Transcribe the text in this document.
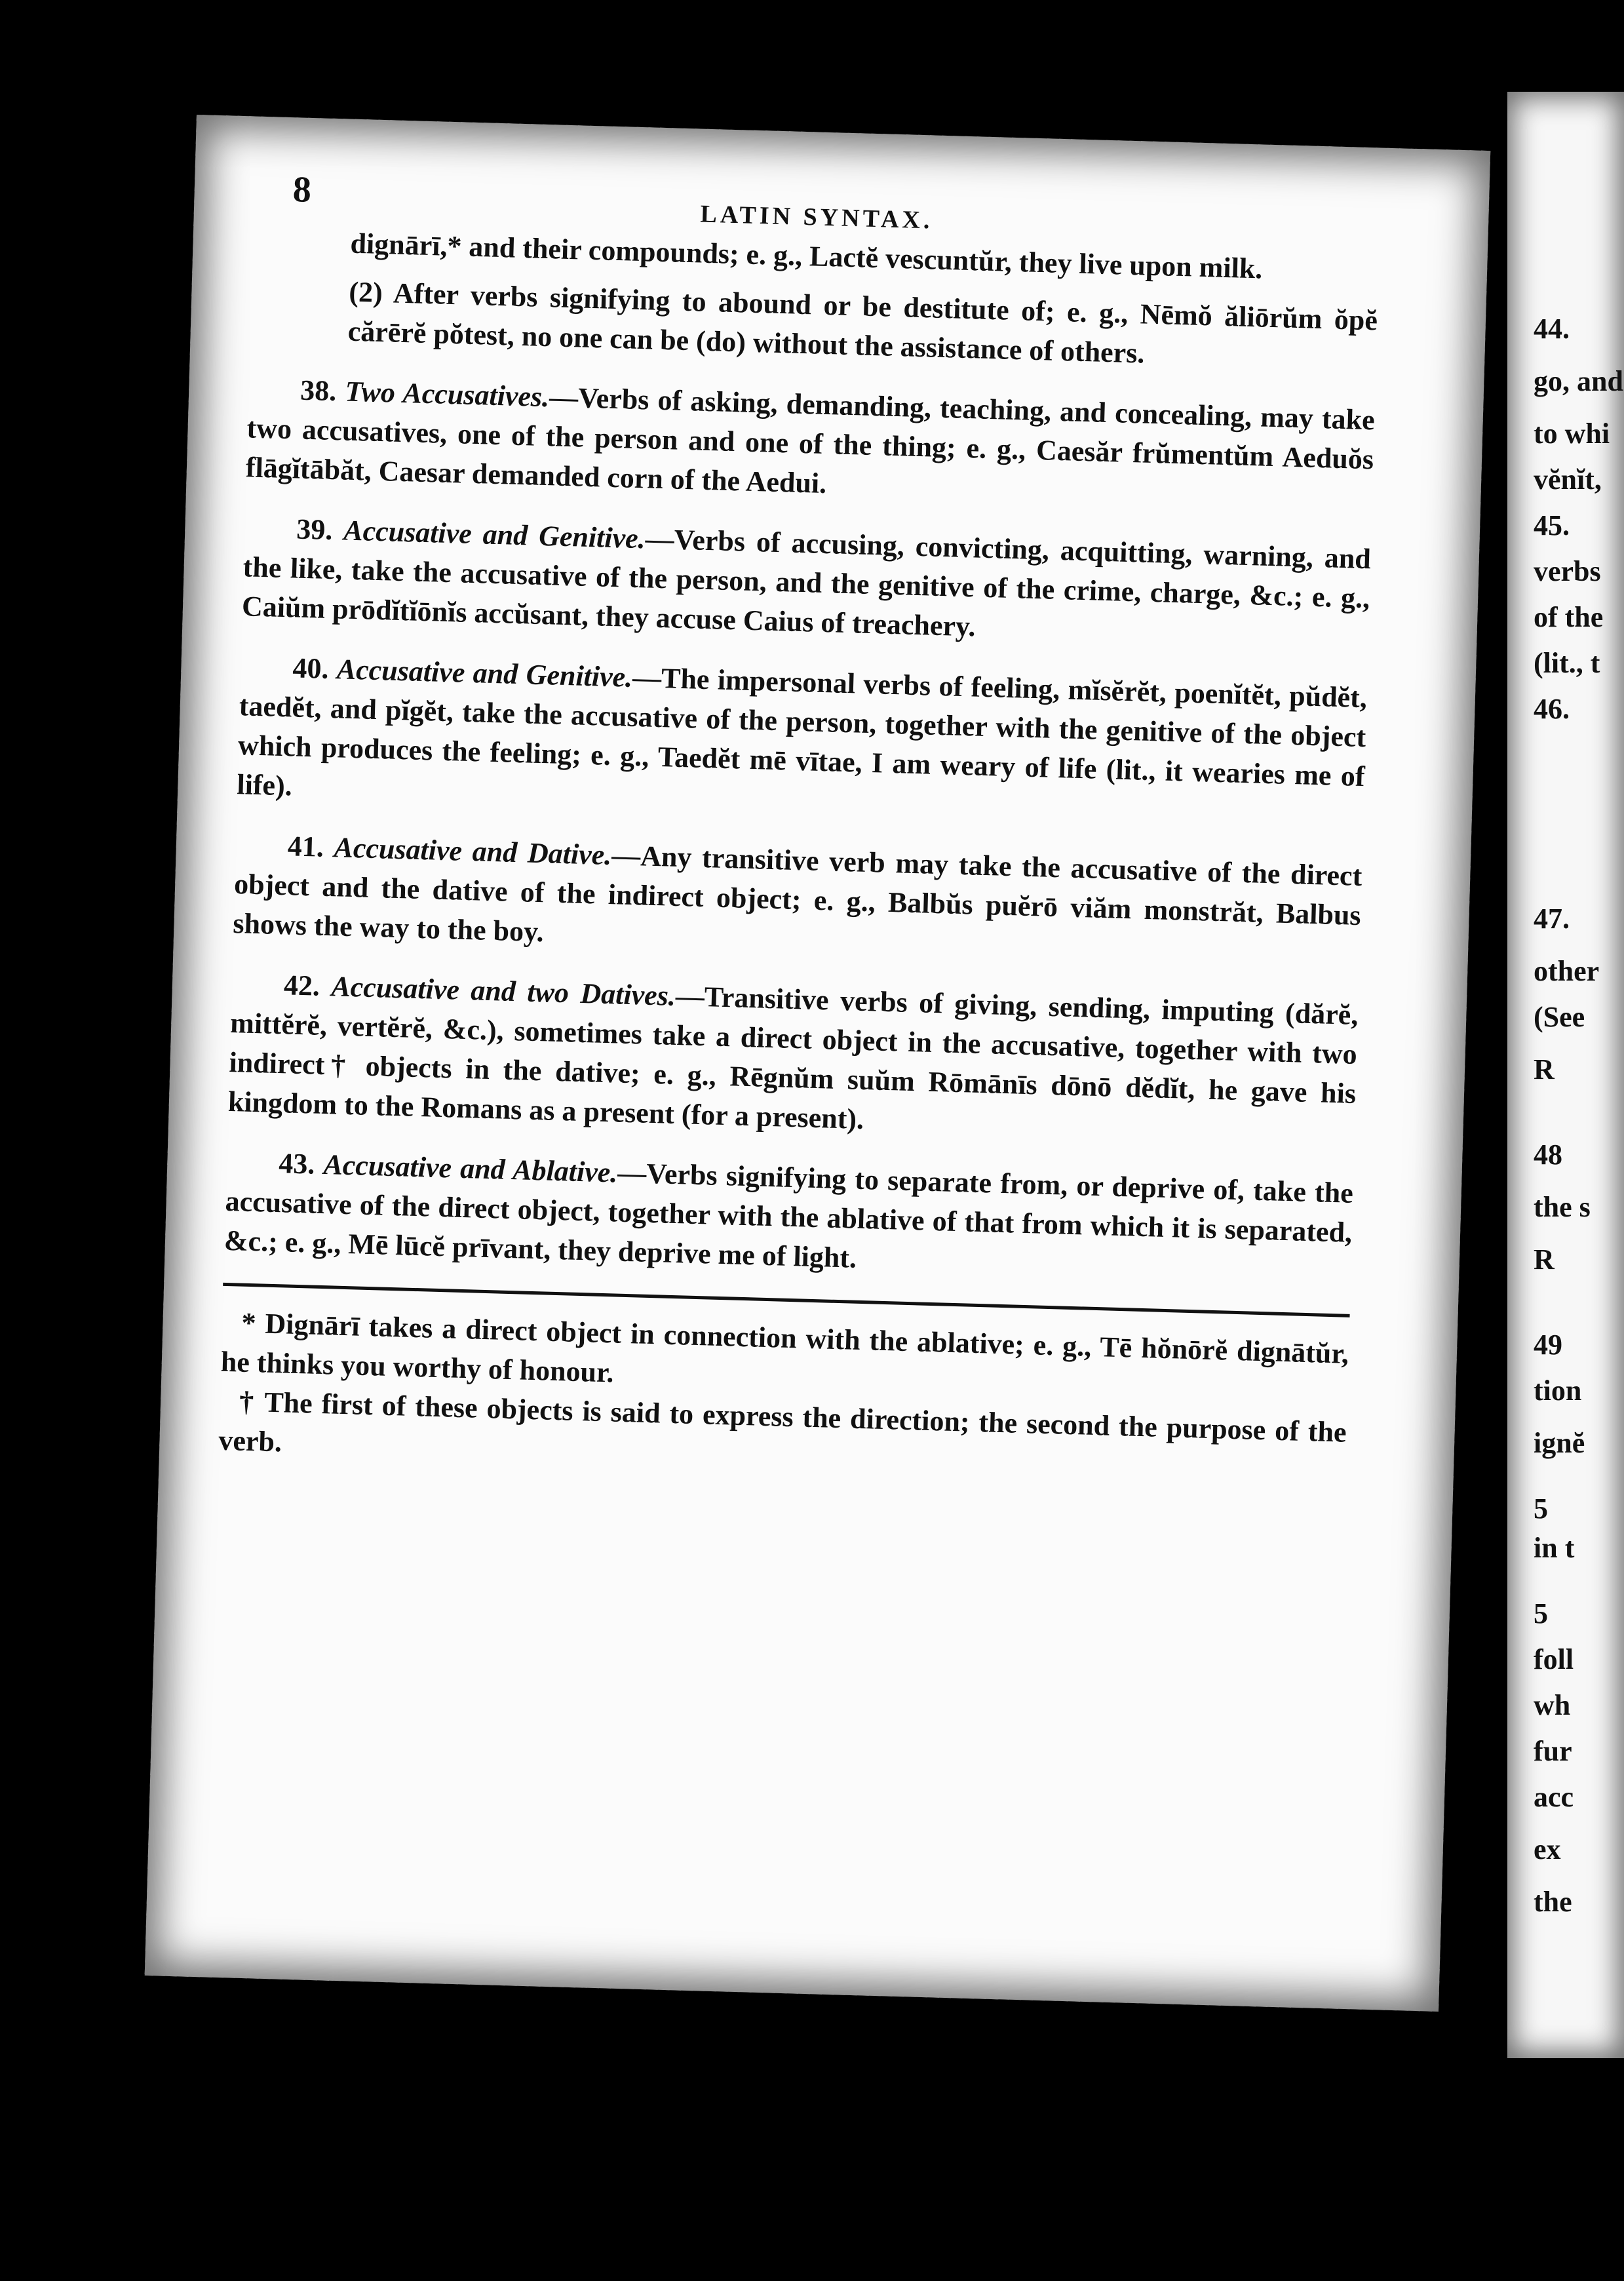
44.
go, and
to whi
vĕnĭt,
45.
verbs
of the
(lit., t
46.
47.
other
(See
R
48
the s
R
49
tion
ignĕ
5
in t
5
foll
wh
fur
acc
ex
the
8
LATIN SYNTAX.

dignārī,* and their compounds; e. g., Lactĕ vescuntŭr, they live upon milk.

(2) After verbs signifying to abound or be destitute of; e. g., Nēmŏ ăliōrŭm ŏpĕ cărērĕ pŏtest, no one can be (do) without the assistance of others.

38. Two Accusatives.—Verbs of asking, demanding, teaching, and concealing, may take two accusatives, one of the person and one of the thing; e. g., Caesăr frŭmentŭm Aeduŏs flāgĭtābăt, Caesar demanded corn of the Aedui.

39. Accusative and Genitive.—Verbs of accusing, convicting, acquitting, warning, and the like, take the accusative of the person, and the genitive of the crime, charge, &c.; e. g., Caiŭm prōdĭtĭōnĭs accŭsant, they accuse Caius of treachery.

40. Accusative and Genitive.—The impersonal verbs of feeling, mĭsĕrĕt, poenĭtĕt, pŭdĕt, taedĕt, and pĭgĕt, take the accusative of the person, together with the genitive of the object which produces the feeling; e. g., Taedĕt mē vītae, I am weary of life (lit., it wearies me of life).

41. Accusative and Dative.—Any transitive verb may take the accusative of the direct object and the dative of the indirect object; e. g., Balbŭs puĕrō viăm monstrăt, Balbus shows the way to the boy.

42. Accusative and two Datives.—Transitive verbs of giving, sending, imputing (dărĕ, mittĕrĕ, vertĕrĕ, &c.), sometimes take a direct object in the accusative, together with two indirect† objects in the dative; e. g., Rēgnŭm suŭm Rōmānīs dōnō dĕdĭt, he gave his kingdom to the Romans as a present (for a present).

43. Accusative and Ablative.—Verbs signifying to separate from, or deprive of, take the accusative of the direct object, together with the ablative of that from which it is separated, &c.; e. g., Mē lūcĕ prīvant, they deprive me of light.

* Dignārī takes a direct object in connection with the ablative; e. g., Tē hŏnōrĕ dignātŭr, he thinks you worthy of honour.

† The first of these objects is said to express the direction; the second the purpose of the verb.
